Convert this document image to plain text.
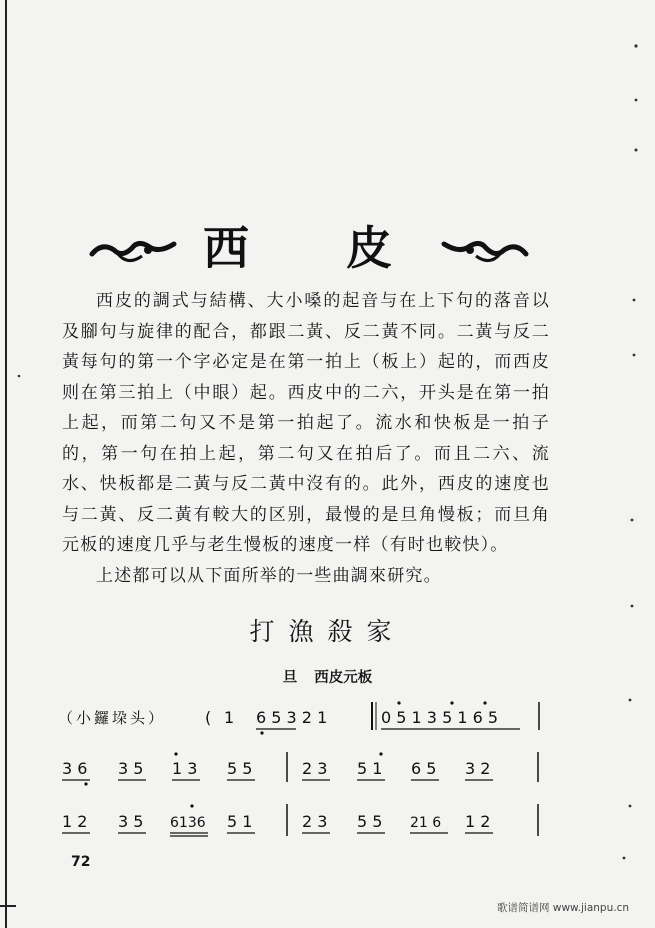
西 皮

西皮的調式与結構、大小嗓的起音与在上下句的落音以及腳句与旋律的配合，都跟二黃、反二黃不同。二黃与反二黃每句的第一个字必定是在第一拍上（板上）起的，而西皮则在第三拍上（中眼）起。西皮中的二六，开头是在第一拍上起，而第二句又不是第一拍起了。流水和快板是一拍子的，第一句在拍上起，第二句又在拍后了。而且二六、流水、快板都是二黃与反二黃中沒有的。此外，西皮的速度也与二黃、反二黃有較大的区别，最慢的是旦角慢板；而旦角元板的速度几乎与老生慢板的速度一样（有时也較快）。

上述都可以从下面所举的一些曲調來研究。

打漁殺家
旦 西皮元板
（小鑼垜头） ( 1 6 5 3 2 1	0 5 1 3 5 1 6 5
3 6 3 5 1 3 5 5	2 3 5 1 6 5 3 2
1 2 3 5 6136 5 1	2 3 5 5 21 6 1 2
72
歌谱简谱网 www.jianpu.cn
